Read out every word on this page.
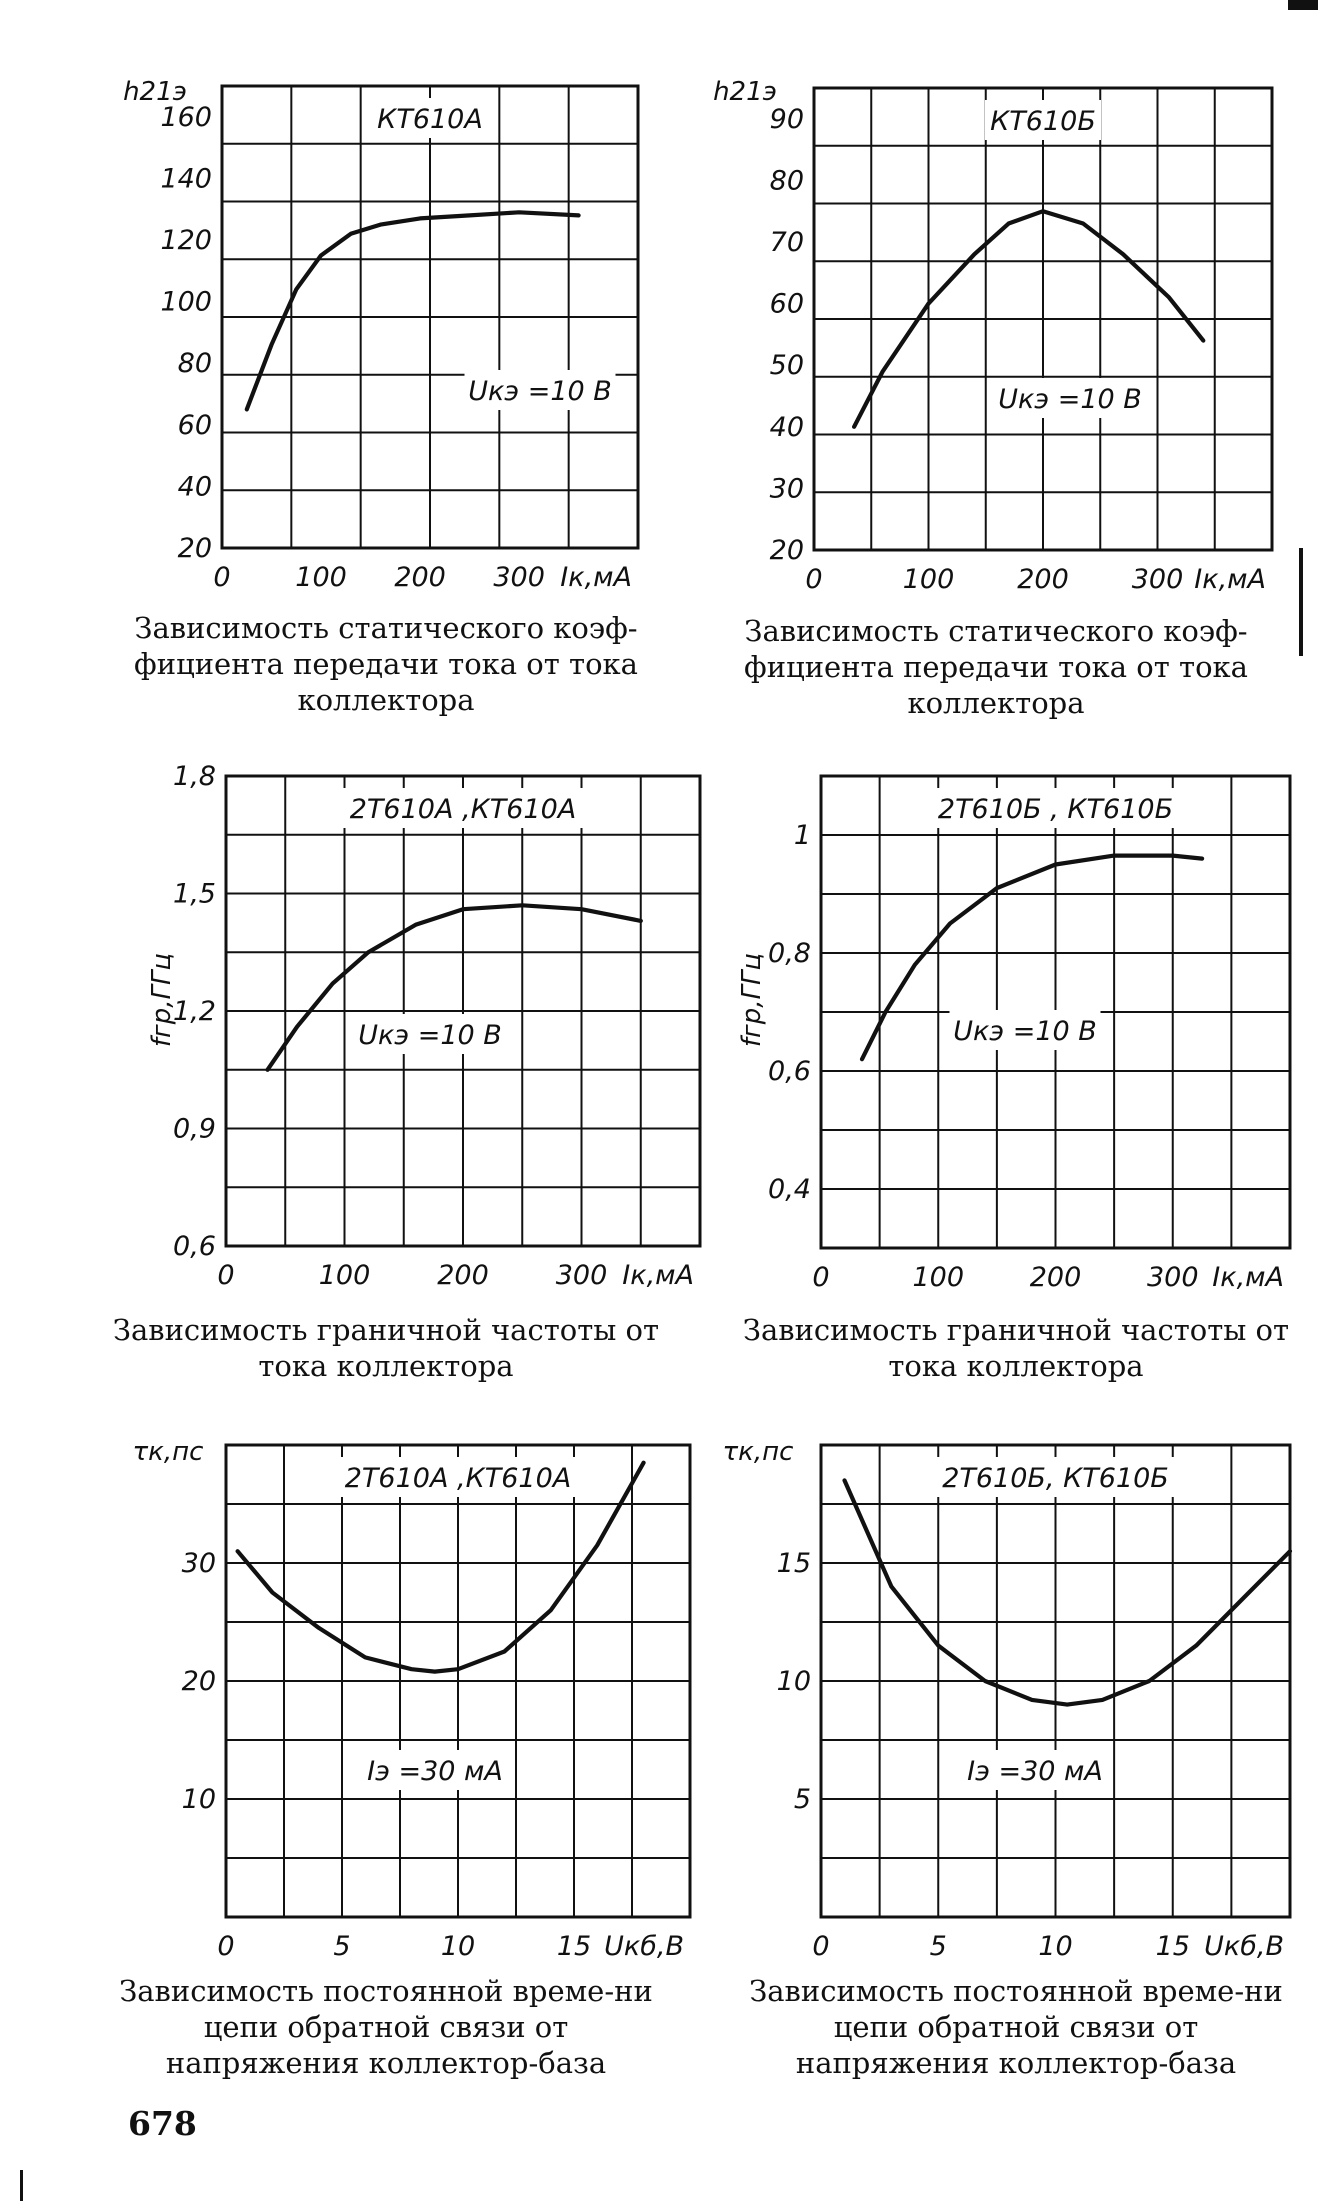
0 100 200 300 Iк,мА
20
40
60
80
100
120
140
160
h21э
КТ610А
Uкэ =10 В
0	100 200 300 Iк,мА
20
30
40
50
60
70
80
90
h21э
КТ610Б
Uкэ =10 В
0	100 200 300 Iк,мА
0,6
0,9
1,2
1,5
1,8
fгр,ГГц
2Т610А ,КТ610А
Uкэ =10 В
0	100 200 300 Iк,мА
0,4
0,6
0,8
1
fгр,ГГц
2Т610Б , КТ610Б
Uкэ =10 В
0	5	10	15 Uкб,В
10
20
30
τк,пс
2Т610А ,КТ610А
Iэ =30 мА
0	5	10	15 Uкб,В
5
10
15
τк,пс
2Т610Б, КТ610Б
Iэ =30 мА
Зависимость статического коэф-фициента передачи тока от тока коллектора
Зависимость статического коэф-фициента передачи тока от тока коллектора
Зависимость граничной частоты от тока коллектора
Зависимость граничной частоты от тока коллектора
Зависимость постоянной време-ни цепи обратной связи от напряжения коллектор-база
Зависимость постоянной време-ни цепи обратной связи от напряжения коллектор-база
678
